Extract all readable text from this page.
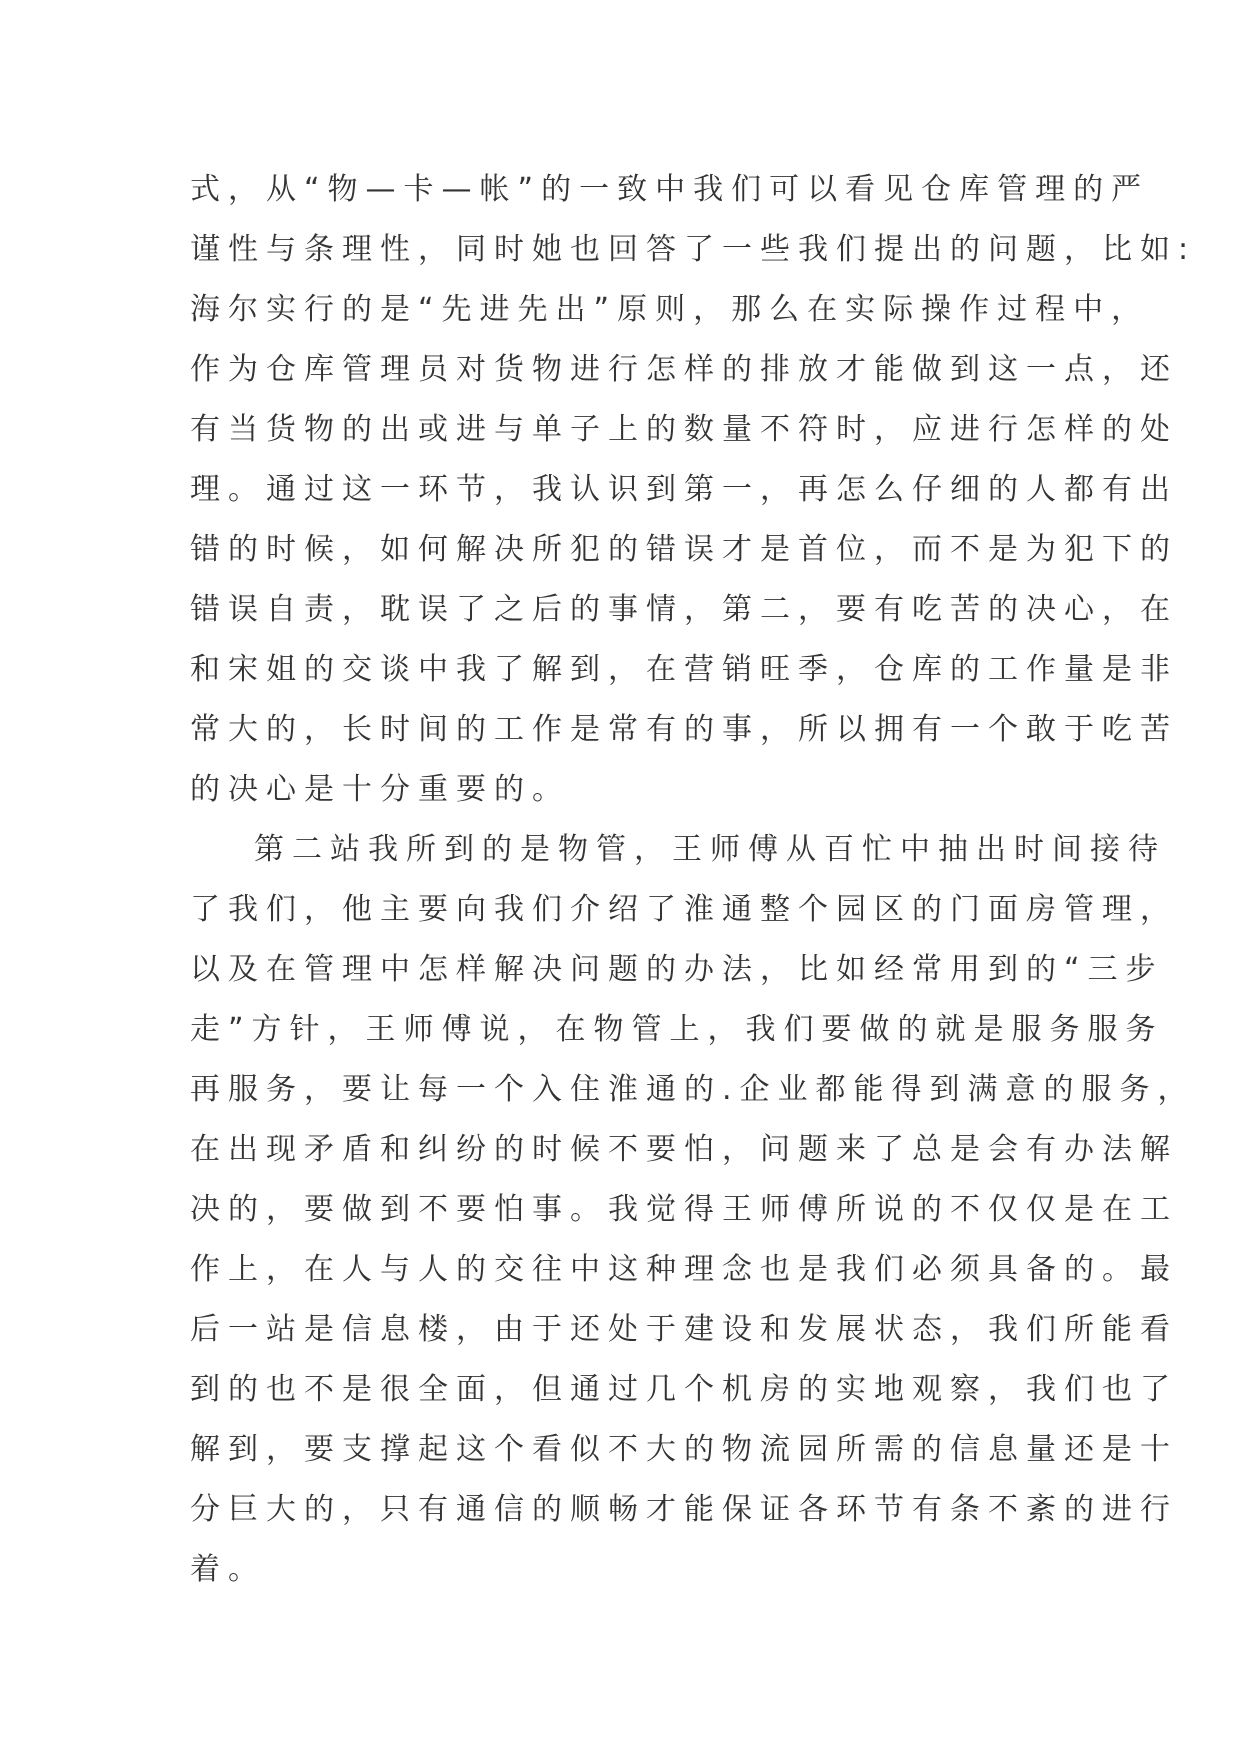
式，从“物—卡—帐”的一致中我们可以看见仓库管理的严
谨性与条理性，同时她也回答了一些我们提出的问题，比如:
海尔实行的是“先进先出”原则，那么在实际操作过程中，
作为仓库管理员对货物进行怎样的排放才能做到这一点，还
有当货物的出或进与单子上的数量不符时，应进行怎样的处
理。通过这一环节，我认识到第一，再怎么仔细的人都有出
错的时候，如何解决所犯的错误才是首位，而不是为犯下的
错误自责，耽误了之后的事情，第二，要有吃苦的决心，在
和宋姐的交谈中我了解到，在营销旺季，仓库的工作量是非
常大的，长时间的工作是常有的事，所以拥有一个敢于吃苦
的决心是十分重要的。
第二站我所到的是物管，王师傅从百忙中抽出时间接待
了我们，他主要向我们介绍了淮通整个园区的门面房管理，
以及在管理中怎样解决问题的办法，比如经常用到的“三步
走”方针，王师傅说，在物管上，我们要做的就是服务服务
再服务，要让每一个入住淮通的.企业都能得到满意的服务，
在出现矛盾和纠纷的时候不要怕，问题来了总是会有办法解
决的，要做到不要怕事。我觉得王师傅所说的不仅仅是在工
作上，在人与人的交往中这种理念也是我们必须具备的。最
后一站是信息楼，由于还处于建设和发展状态，我们所能看
到的也不是很全面，但通过几个机房的实地观察，我们也了
解到，要支撑起这个看似不大的物流园所需的信息量还是十
分巨大的，只有通信的顺畅才能保证各环节有条不紊的进行
着。
